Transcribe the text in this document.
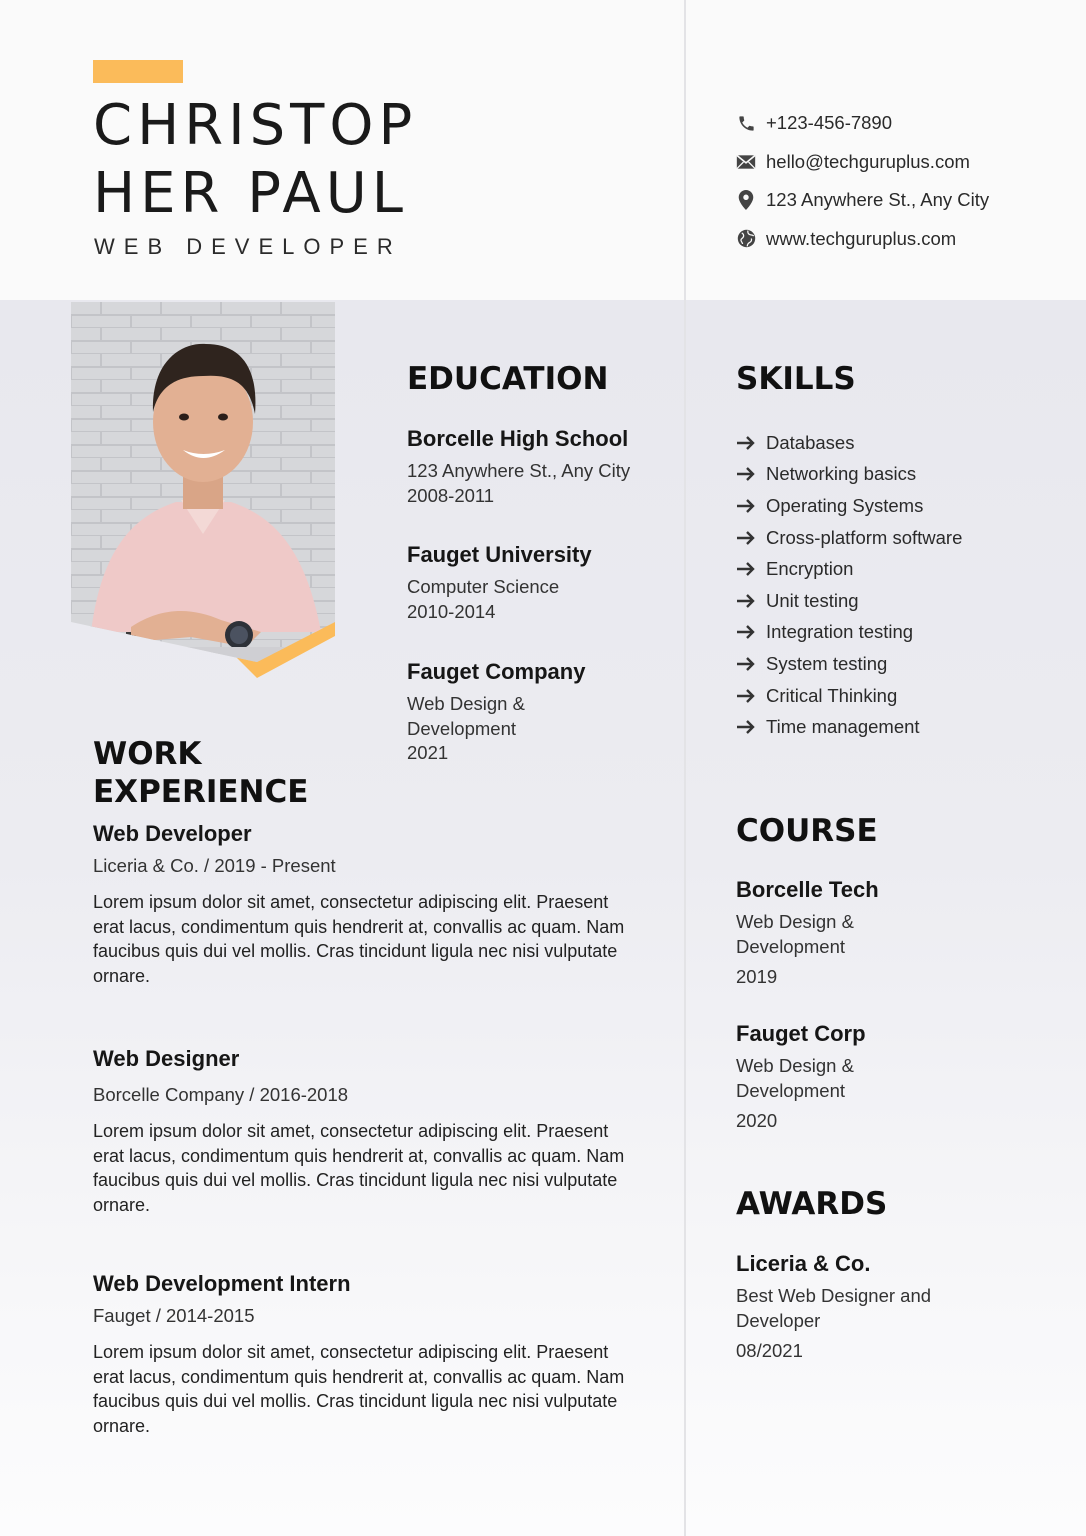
CHRISTOP
HER PAUL
WEB DEVELOPER
+123-456-7890
hello@techguruplus.com
123 Anywhere St., Any City
www.techguruplus.com
EDUCATION
Borcelle High School
123 Anywhere St., Any City
2008-2011
Fauget University
Computer Science
2010-2014
Fauget Company
Web Design &
Development
2021
SKILLS
Databases
Networking basics
Operating Systems
Cross-platform software
Encryption
Unit testing
Integration testing
System testing
Critical Thinking
Time management
WORK
EXPERIENCE
Web Developer
Liceria & Co. / 2019 - Present
Lorem ipsum dolor sit amet, consectetur adipiscing elit. Praesent erat lacus, condimentum quis hendrerit at, convallis ac quam. Nam faucibus quis dui vel mollis. Cras tincidunt ligula nec nisi vulputate ornare.
Web Designer
Borcelle Company / 2016-2018
Lorem ipsum dolor sit amet, consectetur adipiscing elit. Praesent erat lacus, condimentum quis hendrerit at, convallis ac quam. Nam faucibus quis dui vel mollis. Cras tincidunt ligula nec nisi vulputate ornare.
Web Development Intern
Fauget / 2014-2015
Lorem ipsum dolor sit amet, consectetur adipiscing elit. Praesent erat lacus, condimentum quis hendrerit at, convallis ac quam. Nam faucibus quis dui vel mollis. Cras tincidunt ligula nec nisi vulputate ornare.
COURSE
Borcelle Tech
Web Design &
Development
2019
Fauget Corp
Web Design &
Development
2020
AWARDS
Liceria & Co.
Best Web Designer and
Developer
08/2021
